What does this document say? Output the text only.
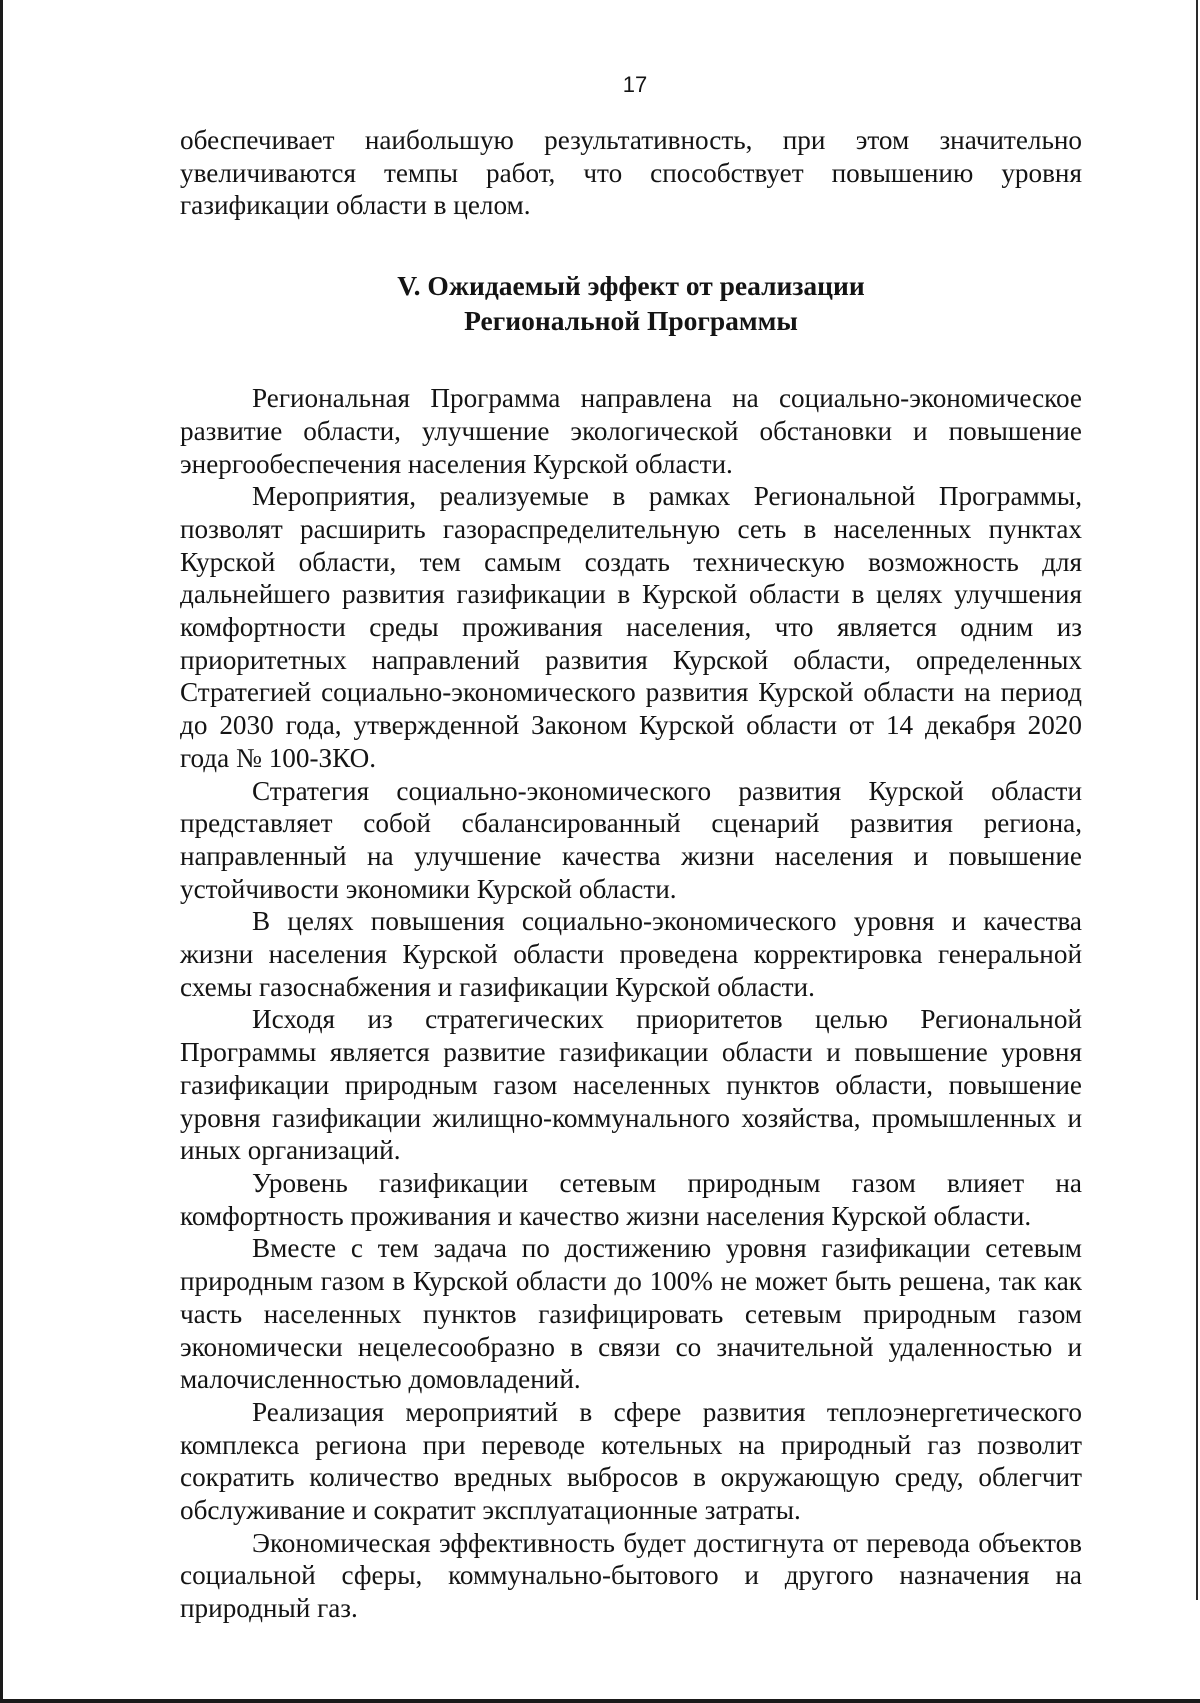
17

обеспечивает наибольшую результативность, при этом значительно увеличиваются темпы работ, что способствует повышению уровня газификации области в целом.

V. Ожидаемый эффект от реализации
Региональной Программы

Региональная Программа направлена на социально-экономическое развитие области, улучшение экологической обстановки и повышение энергообеспечения населения Курской области.

Мероприятия, реализуемые в рамках Региональной Программы, позволят расширить газораспределительную сеть в населенных пунктах Курской области, тем самым создать техническую возможность для дальнейшего развития газификации в Курской области в целях улучшения комфортности среды проживания населения, что является одним из приоритетных направлений развития Курской области, определенных Стратегией социально-экономического развития Курской области на период до 2030 года, утвержденной Законом Курской области от 14 декабря 2020 года № 100-ЗКО.

Стратегия социально-экономического развития Курской области представляет собой сбалансированный сценарий развития региона, направленный на улучшение качества жизни населения и повышение устойчивости экономики Курской области.

В целях повышения социально-экономического уровня и качества жизни населения Курской области проведена корректировка генеральной схемы газоснабжения и газификации Курской области.

Исходя из стратегических приоритетов целью Региональной Программы является развитие газификации области и повышение уровня газификации природным газом населенных пунктов области, повышение уровня газификации жилищно-коммунального хозяйства, промышленных и иных организаций.

Уровень газификации сетевым природным газом влияет на комфортность проживания и качество жизни населения Курской области.

Вместе с тем задача по достижению уровня газификации сетевым природным газом в Курской области до 100% не может быть решена, так как часть населенных пунктов газифицировать сетевым природным газом экономически нецелесообразно в связи со значительной удаленностью и малочисленностью домовладений.

Реализация мероприятий в сфере развития теплоэнергетического комплекса региона при переводе котельных на природный газ позволит сократить количество вредных выбросов в окружающую среду, облегчит обслуживание и сократит эксплуатационные затраты.

Экономическая эффективность будет достигнута от перевода объектов социальной сферы, коммунально-бытового и другого назначения на природный газ.
